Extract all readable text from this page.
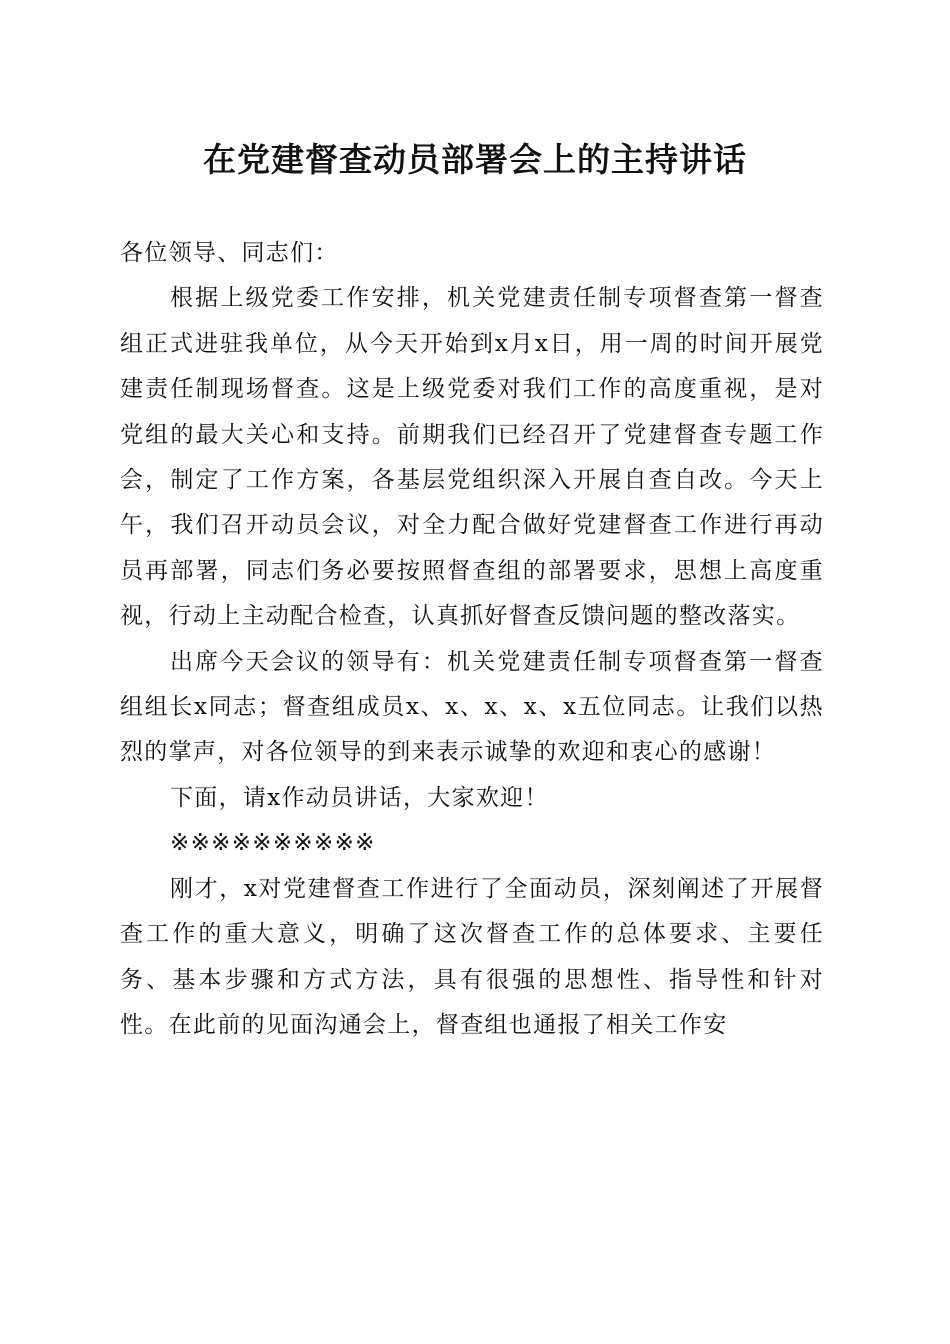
在党建督查动员部署会上的主持讲话

各位领导、同志们：

根据上级党委工作安排，机关党建责任制专项督查第一督查组正式进驻我单位，从今天开始到x月x日，用一周的时间开展党建责任制现场督查。这是上级党委对我们工作的高度重视，是对党组的最大关心和支持。前期我们已经召开了党建督查专题工作会，制定了工作方案，各基层党组织深入开展自查自改。今天上午，我们召开动员会议，对全力配合做好党建督查工作进行再动员再部署，同志们务必要按照督查组的部署要求，思想上高度重视，行动上主动配合检查，认真抓好督查反馈问题的整改落实。

出席今天会议的领导有：机关党建责任制专项督查第一督查组组长x同志；督查组成员x、x、x、x、x五位同志。让我们以热烈的掌声，对各位领导的到来表示诚挚的欢迎和衷心的感谢！

下面，请x作动员讲话，大家欢迎！

※※※※※※※※※※

刚才，x对党建督查工作进行了全面动员，深刻阐述了开展督查工作的重大意义，明确了这次督查工作的总体要求、主要任务、基本步骤和方式方法，具有很强的思想性、指导性和针对性。在此前的见面沟通会上，督查组也通报了相关工作安
